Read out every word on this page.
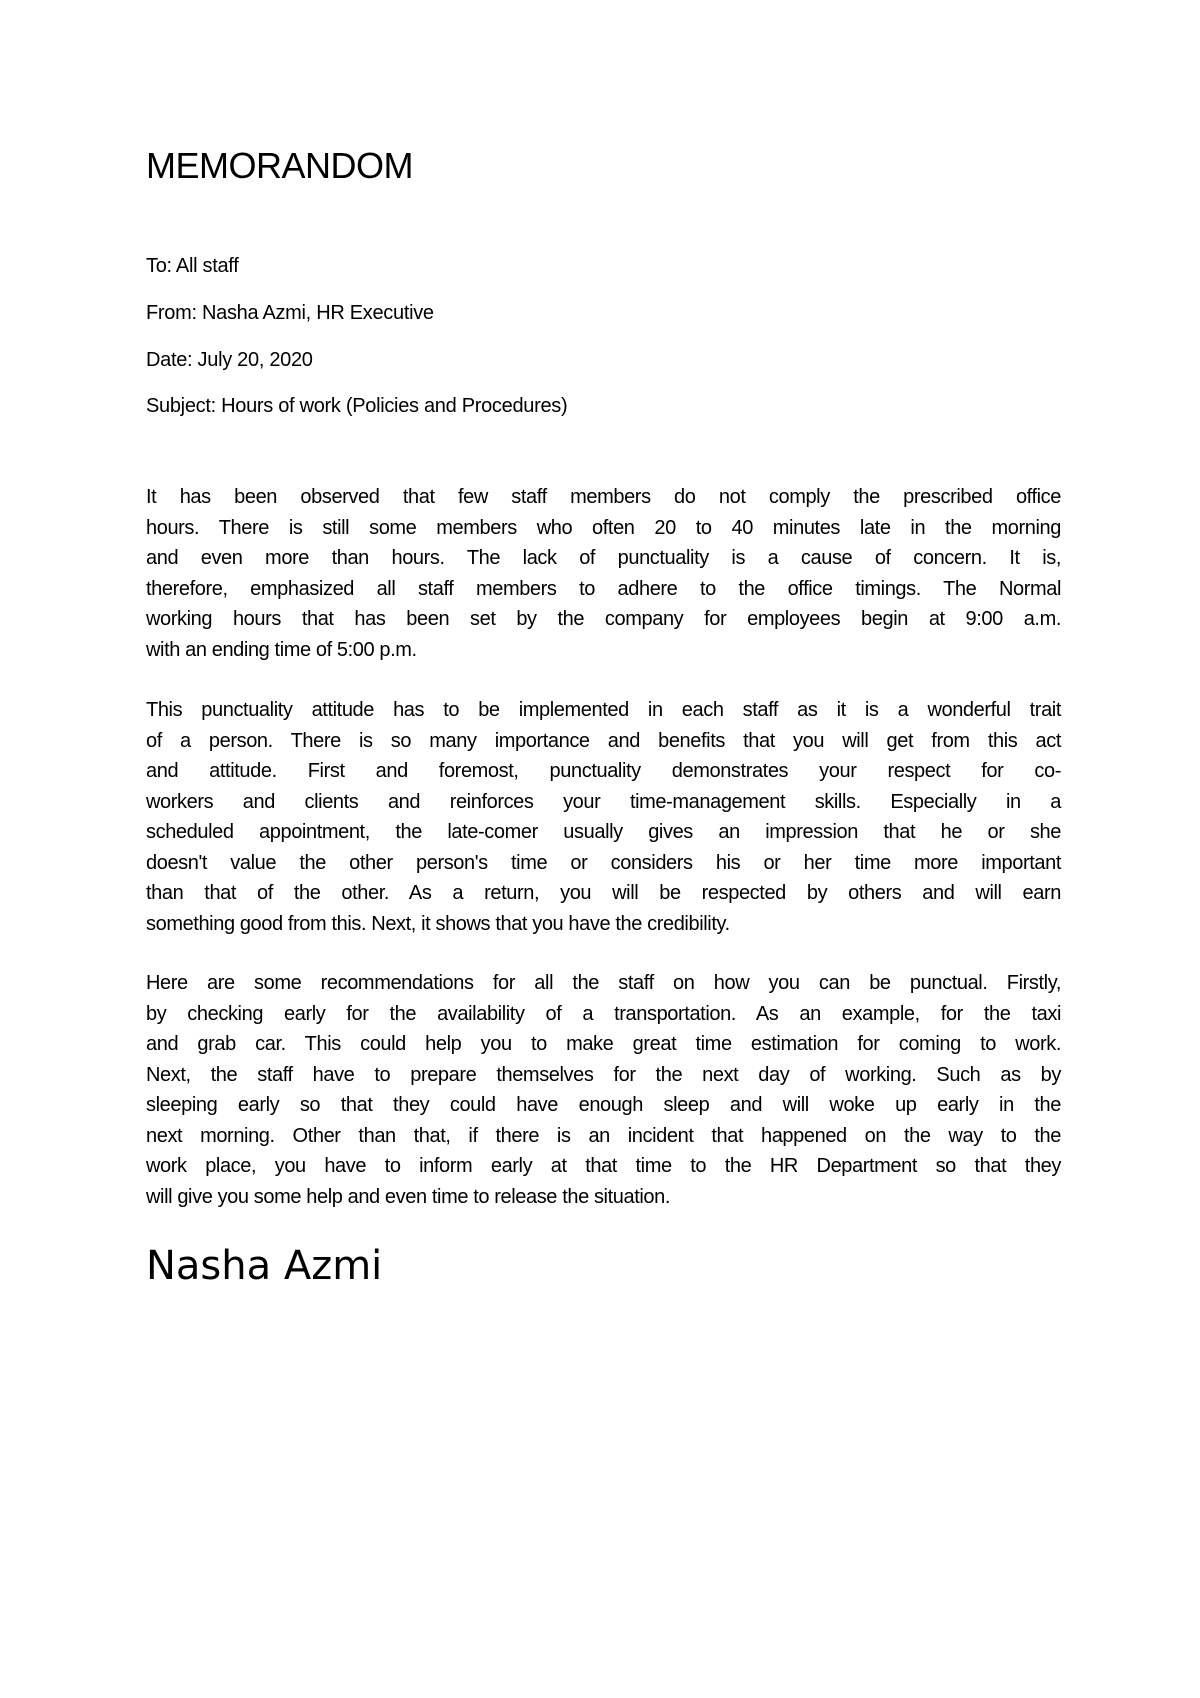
MEMORANDOM
To: All staff
From: Nasha Azmi, HR Executive
Date: July 20, 2020
Subject: Hours of work (Policies and Procedures)
It has been observed that few staff members do not comply the prescribed office
hours. There is still some members who often 20 to 40 minutes late in the morning
and even more than hours. The lack of punctuality is a cause of concern. It is,
therefore, emphasized all staff members to adhere to the office timings. The Normal
working hours that has been set by the company for employees begin at 9:00 a.m.
with an ending time of 5:00 p.m.
This punctuality attitude has to be implemented in each staff as it is a wonderful trait
of a person. There is so many importance and benefits that you will get from this act
and attitude. First and foremost, punctuality demonstrates your respect for co-
workers and clients and reinforces your time-management skills. Especially in a
scheduled appointment, the late-comer usually gives an impression that he or she
doesn't value the other person's time or considers his or her time more important
than that of the other. As a return, you will be respected by others and will earn
something good from this. Next, it shows that you have the credibility.
Here are some recommendations for all the staff on how you can be punctual. Firstly,
by checking early for the availability of a transportation. As an example, for the taxi
and grab car. This could help you to make great time estimation for coming to work.
Next, the staff have to prepare themselves for the next day of working. Such as by
sleeping early so that they could have enough sleep and will woke up early in the
next morning. Other than that, if there is an incident that happened on the way to the
work place, you have to inform early at that time to the HR Department so that they
will give you some help and even time to release the situation.
Nasha Azmi
